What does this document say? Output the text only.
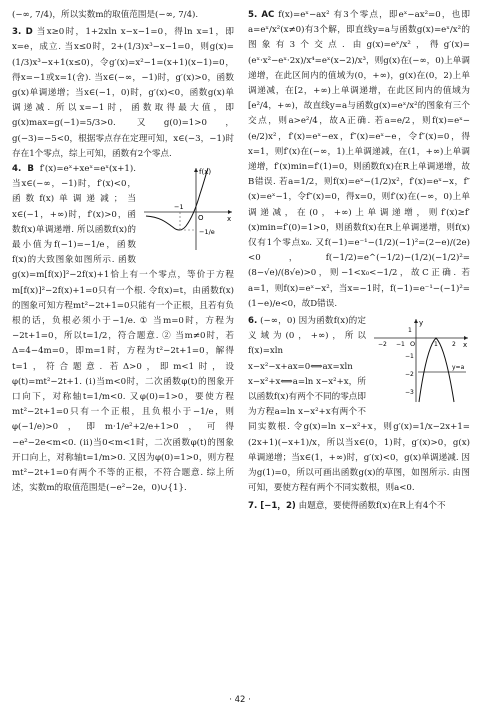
(−∞, 7/4)，所以实数m的取值范围是(−∞, 7/4).

3. D 当x≥0时，1+2xln x−x−1=0，得ln x=1，即x=e，成立. 当x≤0时，2+(1/3)x³−x−1=0，则g(x)=(1/3)x³−x+1(x≤0)，令g′(x)=x²−1=(x+1)(x−1)=0，得x=−1或x=1(舍). 当x∈(−∞，−1)时，g′(x)>0，函数g(x)单调递增；当x∈(−1，0)时，g′(x)<0，函数g(x)单调递减. 所以x=−1时，函数取得最大值，即g(x)max=g(−1)=5/3>0. 又g(0)=1>0，g(−3)=−5<0，根据零点存在定理可知，x∈(−3，−1)时存在1个零点，综上可知，函数有2个零点.

f(x)
x
O
−1
−1/e

4. B f′(x)=eˣ+xeˣ=eˣ(x+1). 当x∈(−∞，−1)时，f′(x)<0，函数f(x)单调递减；当x∈(−1，+∞)时，f′(x)>0，函数f(x)单调递增. 所以函数f(x)的最小值为f(−1)=−1/e，函数f(x)的大致图象如图所示. 函数g(x)=m[f(x)]²−2f(x)+1恰上有一个零点，等价于方程m[f(x)]²−2f(x)+1=0只有一个根. 令f(x)=t，由函数f(x)的图象可知方程mt²−2t+1=0只能有一个正根，且若有负根的话，负根必须小于−1/e. ① 当m=0时，方程为−2t+1=0，所以t=1/2，符合题意. ② 当m≠0时，若Δ=4−4m=0，即m=1时，方程为t²−2t+1=0，解得t=1，符合题意. 若Δ>0，即m<1时，设φ(t)=mt²−2t+1. (ⅰ)当m<0时，二次函数φ(t)的图象开口向下，对称轴t=1/m<0. 又φ(0)=1>0，要使方程mt²−2t+1=0只有一个正根，且负根小于−1/e，则φ(−1/e)>0，即m·1/e²+2/e+1>0，可得−e²−2e<m<0. (ⅱ)当0<m<1时，二次函数φ(t)的图象开口向上，对称轴t=1/m>0. 又因为φ(0)=1>0，则方程mt²−2t+1=0有两个不等的正根，不符合题意. 综上所述，实数m的取值范围是(−e²−2e，0)∪{1}.

5. AC f(x)=eˣ−ax² 有3个零点，即eˣ−ax²=0，也即a=eˣ/x²(x≠0)有3个解，即直线y=a与函数g(x)=eˣ/x²的图象有3个交点. 由g(x)=eˣ/x²，得g′(x)=(eˣ·x²−eˣ·2x)/x⁴=eˣ(x−2)/x³，则g(x)在(−∞，0)上单调递增，在此区间内的值域为(0，+∞)，g(x)在(0，2)上单调递减，在[2，+∞)上单调递增，在此区间内的值域为[e²/4，+∞)，故直线y=a与函数g(x)=eˣ/x²的图象有三个交点，则a>e²/4，故A正确. 若a=e/2，则f(x)=eˣ−(e/2)x²，f′(x)=eˣ−ex，f″(x)=eˣ−e，令f″(x)=0，得x=1，则f′(x)在(−∞，1)上单调递减，在(1，+∞)上单调递增，f′(x)min=f′(1)=0，则函数f(x)在R上单调递增，故B错误. 若a=1/2，则f(x)=eˣ−(1/2)x²，f′(x)=eˣ−x，f″(x)=eˣ−1，令f″(x)=0，得x=0，则f′(x)在(−∞，0)上单调递减，在(0，+∞)上单调递增，则f′(x)≥f′(x)min=f′(0)=1>0，则函数f(x)在R上单调递增，则f(x)仅有1个零点x₀. 又f(−1)=e⁻¹−(1/2)(−1)²=(2−e)/(2e)<0，f(−1/2)=e^(−1/2)−(1/2)(−1/2)²=(8−√e)/(8√e)>0，则−1<x₀<−1/2，故C正确. 若a=1，则f(x)=eˣ−x²，当x=−1时，f(−1)=e⁻¹−(−1)²=(1−e)/e<0，故D错误.

y
x
O
−2 −1	1 2
1
−1
−2
−3
y=a

6. (−∞，0) 因为函数f(x)的定义域为(0，+∞)，所以f(x)=xln x−x²−x+ax=0⟺ax=xln x−x²+x⟺a=ln x−x²+x，所以函数f(x)有两个不同的零点即为方程a=ln x−x²+x有两个不同实数根. 令g(x)=ln x−x²+x，则g′(x)=1/x−2x+1=(2x+1)(−x+1)/x，所以当x∈(0，1)时，g′(x)>0，g(x)单调递增；当x∈(1，+∞)时，g′(x)<0，g(x)单调递减. 因为g(1)=0，所以可画出函数g(x)的草图，如图所示. 由图可知，要使方程有两个不同实数根，则a<0.

7. [−1，2) 由题意，要使得函数f(x)在R上有4个不

· 42 ·
